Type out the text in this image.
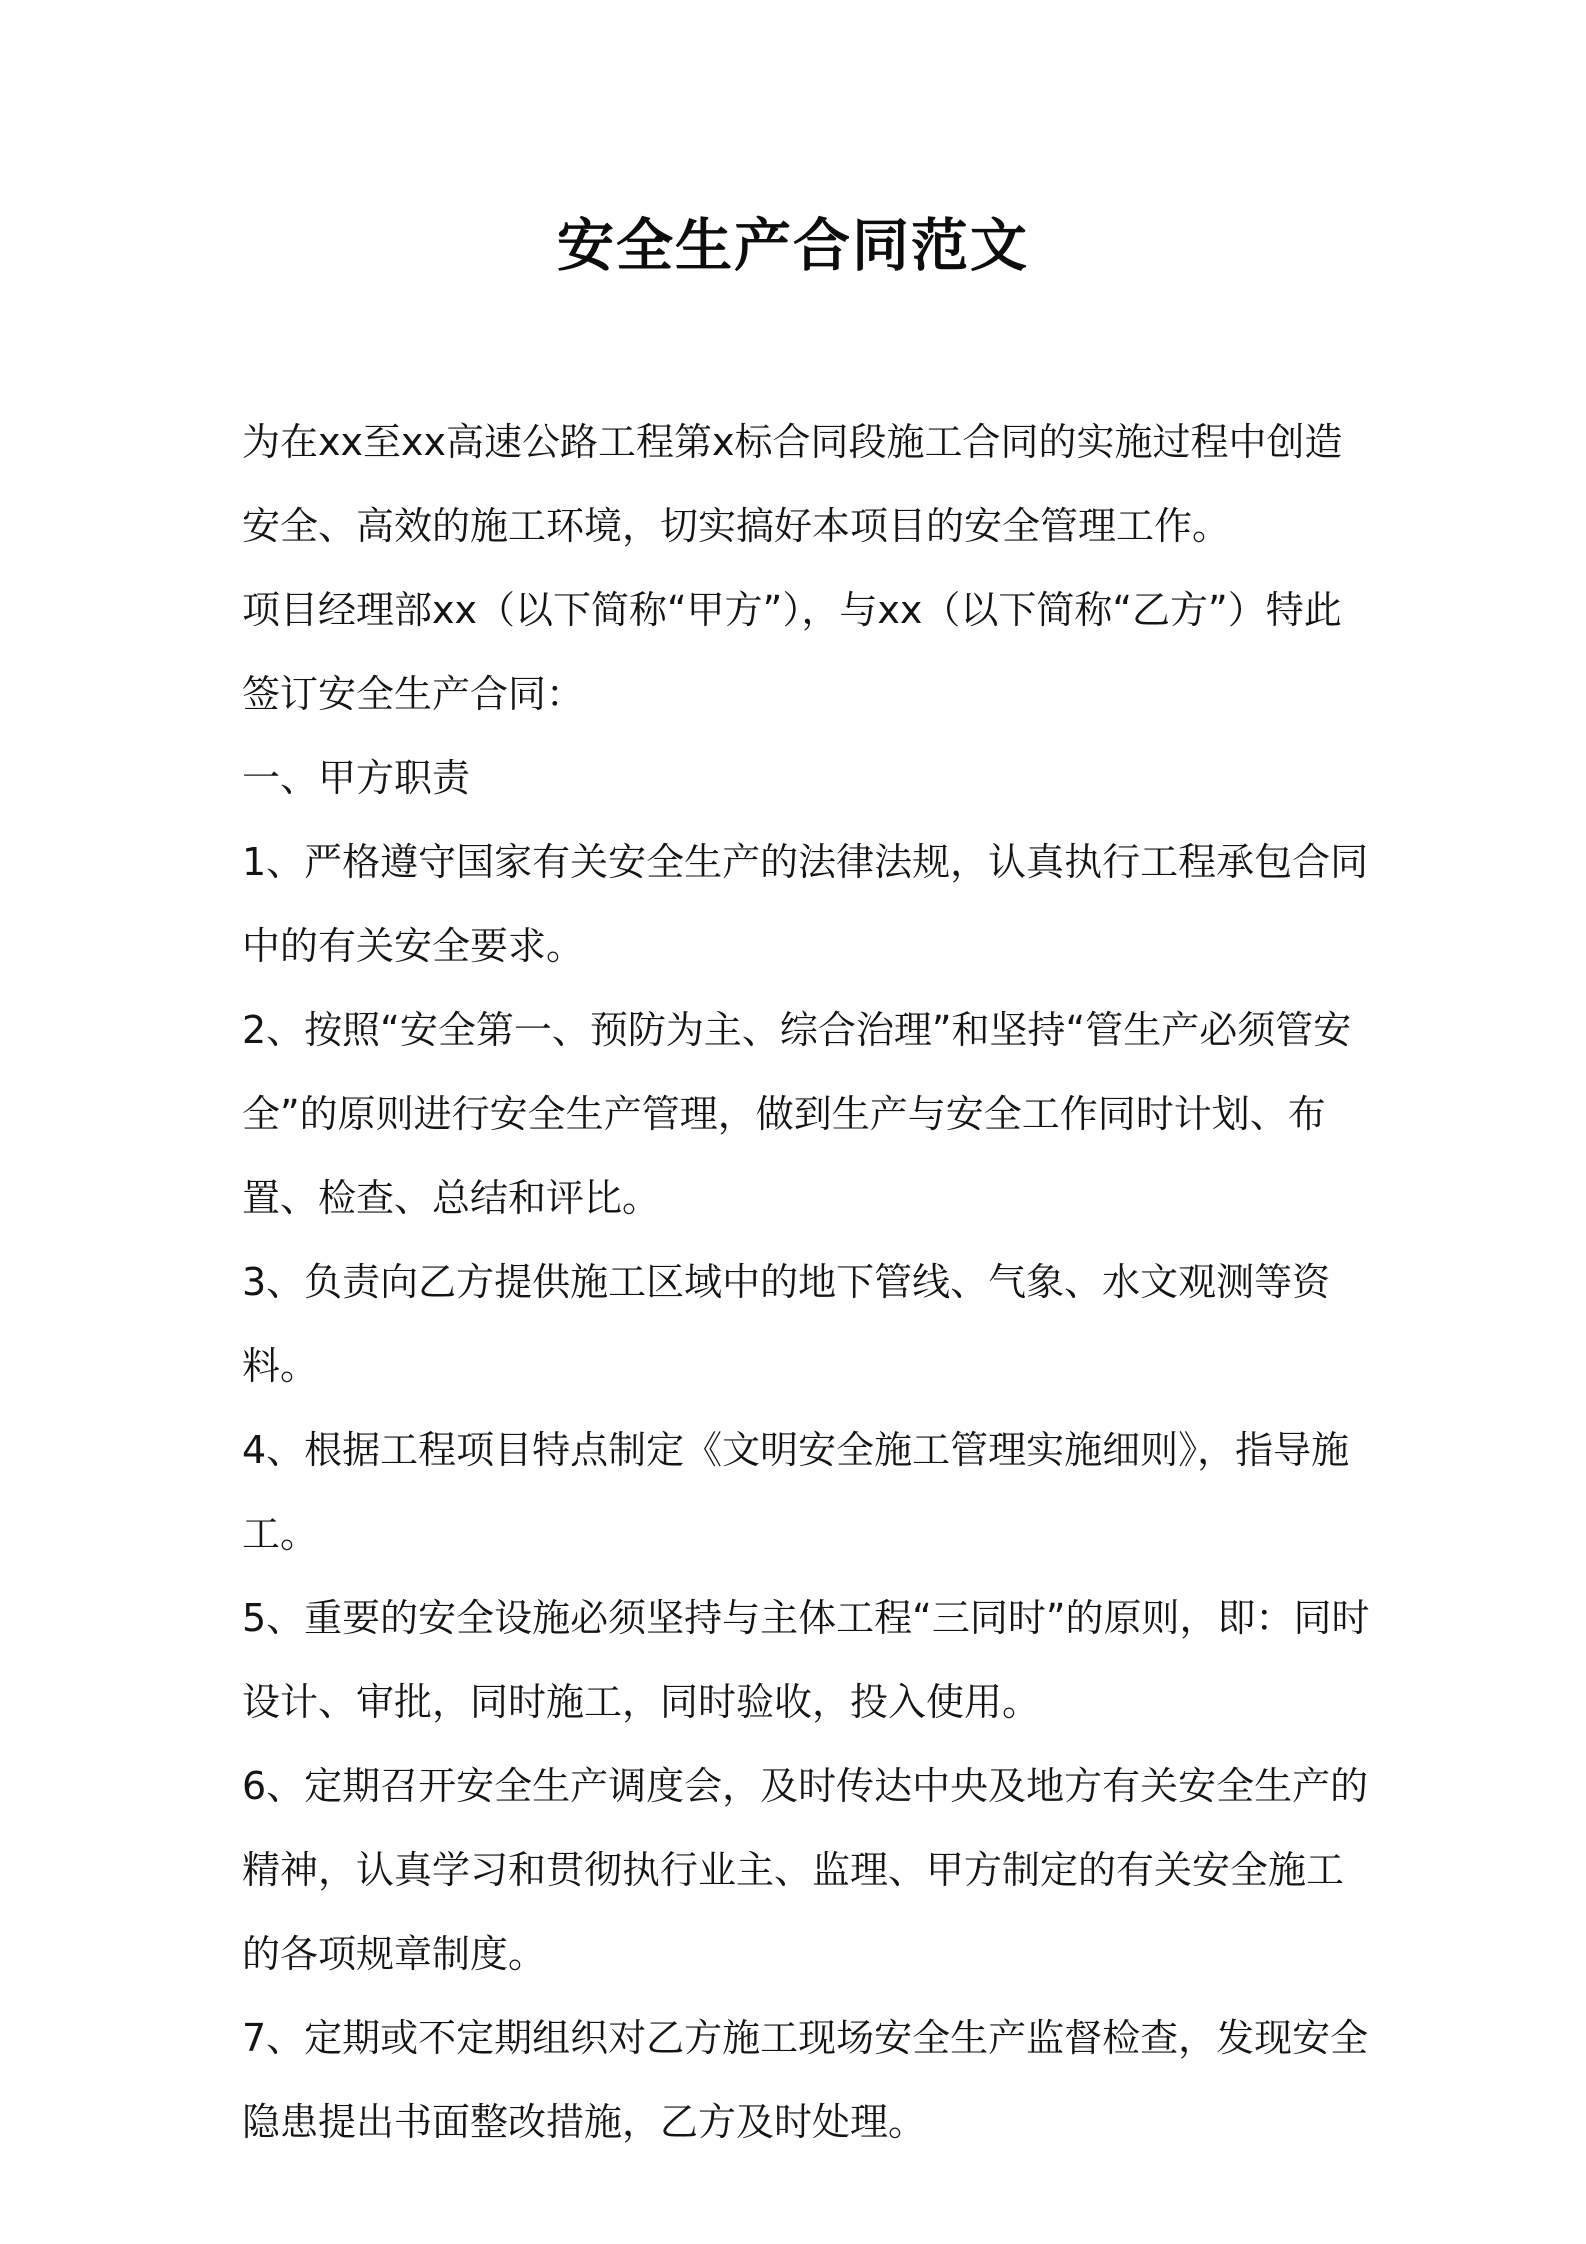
安全生产合同范文

为在xx至xx高速公路工程第x标合同段施工合同的实施过程中创造安全、高效的施工环境，切实搞好本项目的安全管理工作。

项目经理部xx（以下简称“甲方”），与xx（以下简称“乙方”）特此签订安全生产合同：

一、甲方职责

1、严格遵守国家有关安全生产的法律法规，认真执行工程承包合同中的有关安全要求。

2、按照“安全第一、预防为主、综合治理”和坚持“管生产必须管安全”的原则进行安全生产管理，做到生产与安全工作同时计划、布置、检查、总结和评比。

3、负责向乙方提供施工区域中的地下管线、气象、水文观测等资料。

4、根据工程项目特点制定《文明安全施工管理实施细则》，指导施工。

5、重要的安全设施必须坚持与主体工程“三同时”的原则，即：同时设计、审批，同时施工，同时验收，投入使用。

6、定期召开安全生产调度会，及时传达中央及地方有关安全生产的精神，认真学习和贯彻执行业主、监理、甲方制定的有关安全施工的各项规章制度。

7、定期或不定期组织对乙方施工现场安全生产监督检查，发现安全隐患提出书面整改措施，乙方及时处理。
